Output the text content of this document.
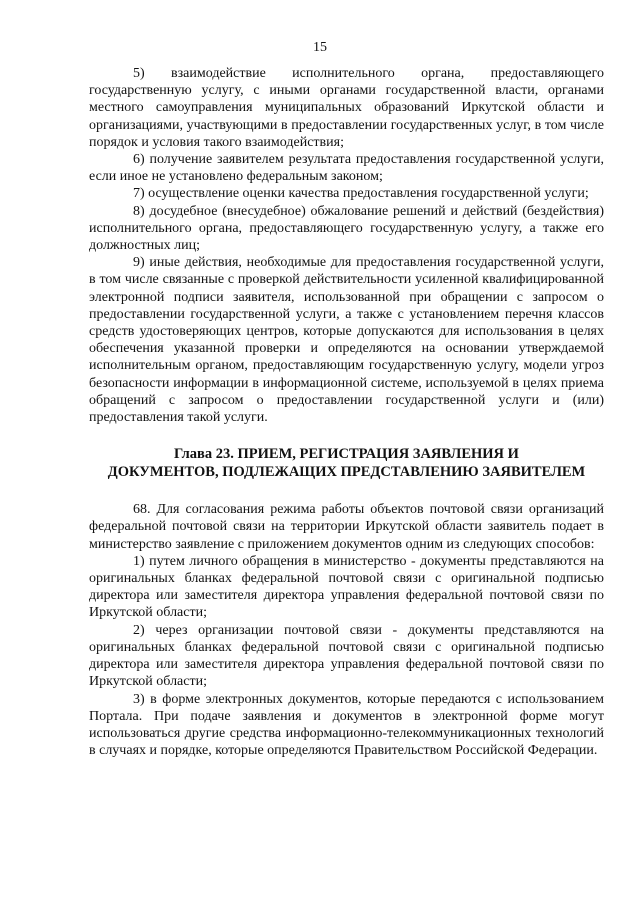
15

5) взаимодействие исполнительного органа, предоставляющего государственную услугу, с иными органами государственной власти, органами местного самоуправления муниципальных образований Иркутской области и организациями, участвующими в предоставлении государственных услуг, в том числе порядок и условия такого взаимодействия;

6) получение заявителем результата предоставления государственной услуги, если иное не установлено федеральным законом;

7) осуществление оценки качества предоставления государственной услуги;

8) досудебное (внесудебное) обжалование решений и действий (бездействия) исполнительного органа, предоставляющего государственную услугу, а также его должностных лиц;

9) иные действия, необходимые для предоставления государственной услуги, в том числе связанные с проверкой действительности усиленной квалифицированной электронной подписи заявителя, использованной при обращении с запросом о предоставлении государственной услуги, а также с установлением перечня классов средств удостоверяющих центров, которые допускаются для использования в целях обеспечения указанной проверки и определяются на основании утверждаемой исполнительным органом, предоставляющим государственную услугу, модели угроз безопасности информации в информационной системе, используемой в целях приема обращений с запросом о предоставлении государственной услуги и (или) предоставления такой услуги.

Глава 23. ПРИЕМ, РЕГИСТРАЦИЯ ЗАЯВЛЕНИЯ И
ДОКУМЕНТОВ, ПОДЛЕЖАЩИХ ПРЕДСТАВЛЕНИЮ ЗАЯВИТЕЛЕМ

68. Для согласования режима работы объектов почтовой связи организаций федеральной почтовой связи на территории Иркутской области заявитель подает в министерство заявление с приложением документов одним из следующих способов:

1) путем личного обращения в министерство - документы представляются на оригинальных бланках федеральной почтовой связи с оригинальной подписью директора или заместителя директора управления федеральной почтовой связи по Иркутской области;

2) через организации почтовой связи - документы представляются на оригинальных бланках федеральной почтовой связи с оригинальной подписью директора или заместителя директора управления федеральной почтовой связи по Иркутской области;

3) в форме электронных документов, которые передаются с использованием Портала. При подаче заявления и документов в электронной форме могут использоваться другие средства информационно-телекоммуникационных технологий в случаях и порядке, которые определяются Правительством Российской Федерации.
